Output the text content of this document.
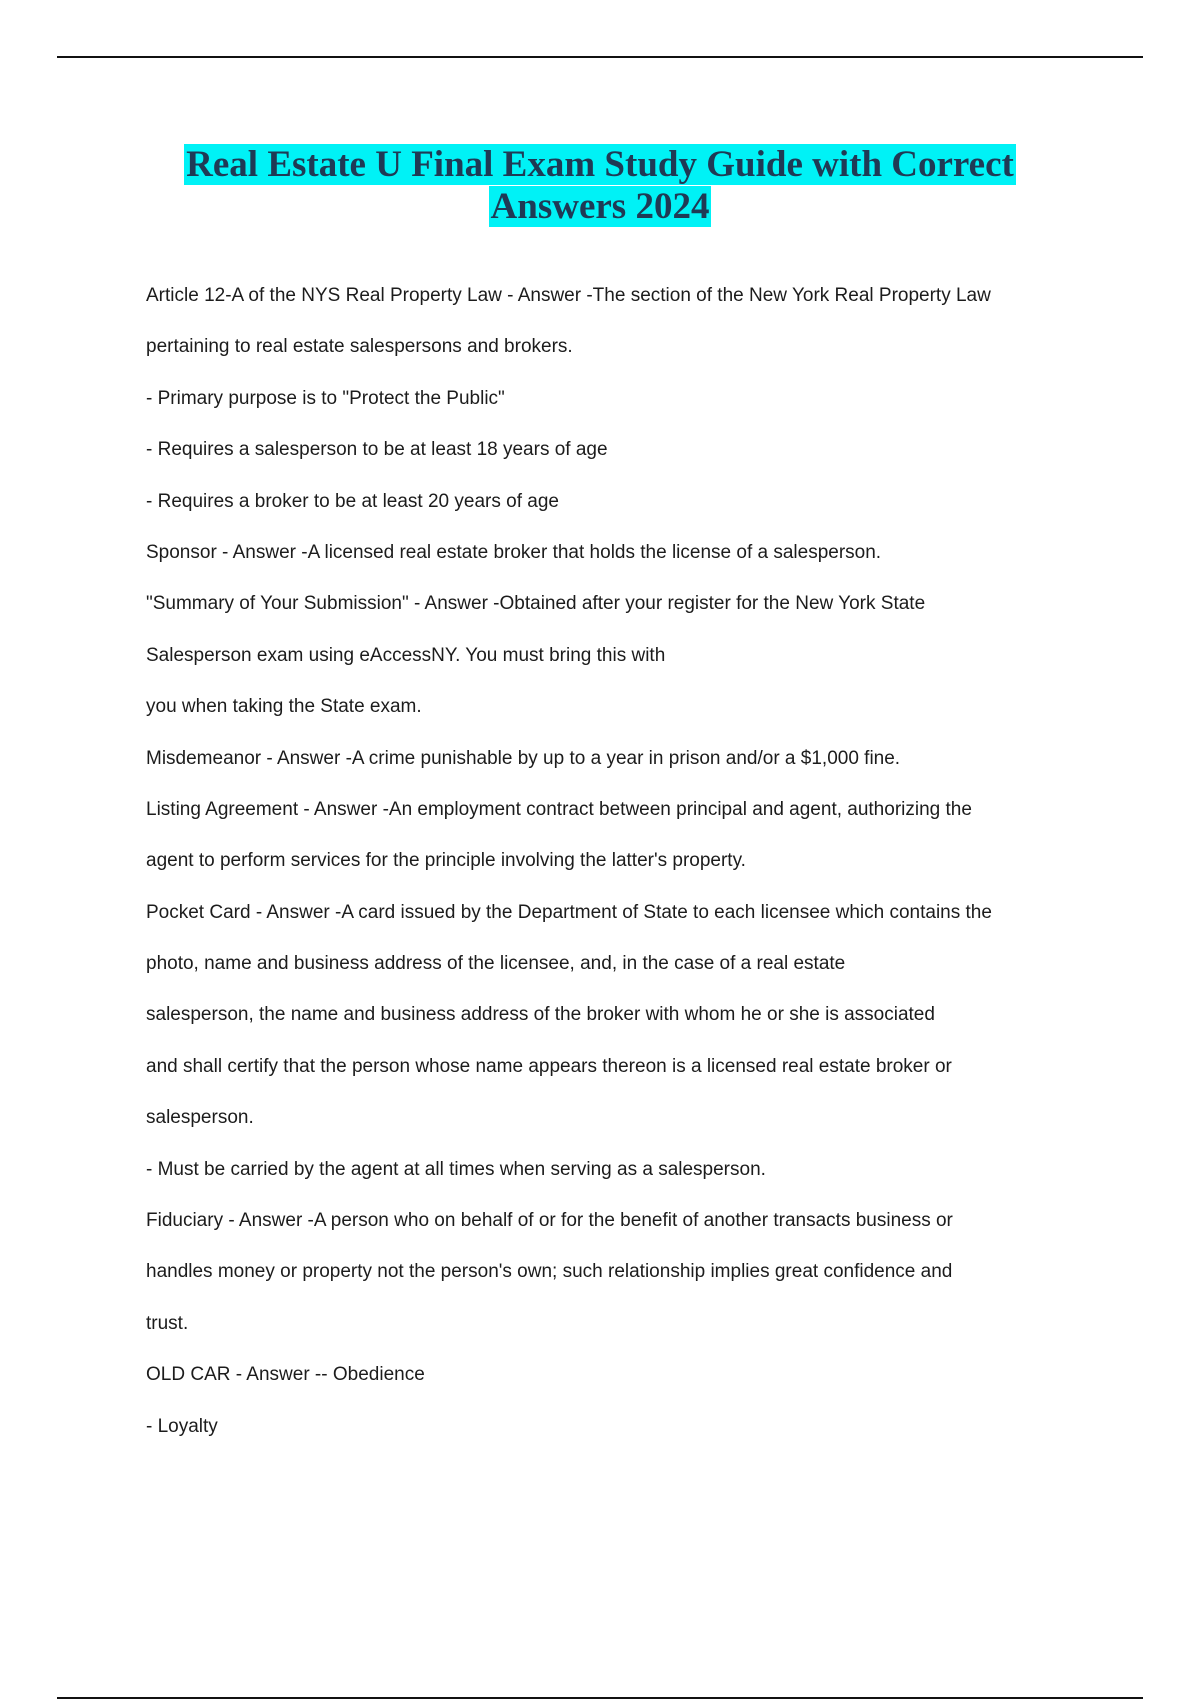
Real Estate U Final Exam Study Guide with Correct
Answers 2024
Article 12-A of the NYS Real Property Law - Answer -The section of the New York Real Property Law
pertaining to real estate salespersons and brokers.
- Primary purpose is to "Protect the Public"
- Requires a salesperson to be at least 18 years of age
- Requires a broker to be at least 20 years of age
Sponsor - Answer -A licensed real estate broker that holds the license of a salesperson.
"Summary of Your Submission" - Answer -Obtained after your register for the New York State
Salesperson exam using eAccessNY. You must bring this with
you when taking the State exam.
Misdemeanor - Answer -A crime punishable by up to a year in prison and/or a $1,000 fine.
Listing Agreement - Answer -An employment contract between principal and agent, authorizing the
agent to perform services for the principle involving the latter's property.
Pocket Card - Answer -A card issued by the Department of State to each licensee which contains the
photo, name and business address of the licensee, and, in the case of a real estate
salesperson, the name and business address of the broker with whom he or she is associated
and shall certify that the person whose name appears thereon is a licensed real estate broker or
salesperson.
- Must be carried by the agent at all times when serving as a salesperson.
Fiduciary - Answer -A person who on behalf of or for the benefit of another transacts business or
handles money or property not the person's own; such relationship implies great confidence and
trust.
OLD CAR - Answer -- Obedience
- Loyalty
